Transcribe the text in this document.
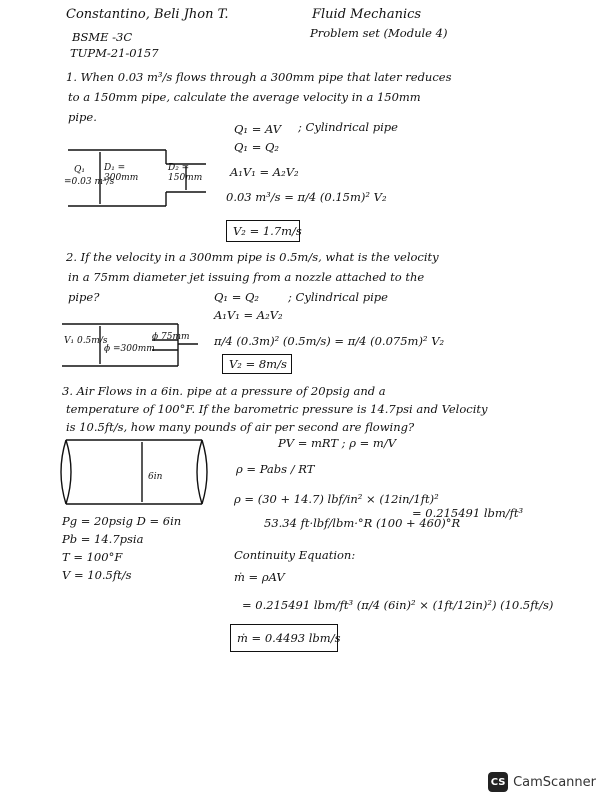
Constantino, Beli Jhon T.
BSME -3C
TUPM-21-0157
Fluid Mechanics
Problem set (Module 4)
1. When 0.03 m³/s flows through a 300mm pipe that later reduces
to a 150mm pipe, calculate the average velocity in a 150mm
pipe.
Q₁ = AV ; Cylindrical pipe
Q₁ = Q₂
A₁V₁ = A₂V₂
0.03 m³/s = π/4 (0.15m)² V₂
V₂ = 1.7m/s
Q₁
=0.03 m³/s
D₁ = 300mm
D₂ = 150mm
2. If the velocity in a 300mm pipe is 0.5m/s, what is the velocity
in a 75mm diameter jet issuing from a nozzle attached to the
pipe?	Q₁ = Q₂	; Cylindrical pipe
A₁V₁ = A₂V₂
π/4 (0.3m)² (0.5m/s) = π/4 (0.075m)² V₂
V₂ = 8m/s
V₁ 0.5m/s
ϕ =300mm
ϕ 75mm
3. Air Flows in a 6in. pipe at a pressure of 20psig and a
temperature of 100°F. If the barometric pressure is 14.7psi and Velocity
is 10.5ft/s, how many pounds of air per second are flowing?
PV = mRT ; ρ = m/V
ρ = Pabs / RT
ρ = (30 + 14.7) lbf/in² × (12in/1ft)²
53.34 ft·lbf/lbm·°R (100 + 460)°R
= 0.215491 lbm/ft³
Continuity Equation:
ṁ = ρAV
= 0.215491 lbm/ft³ (π/4 (6in)² × (1ft/12in)²) (10.5ft/s)
ṁ = 0.4493 lbm/s
6in
Pg = 20psig D = 6in
Pb = 14.7psia
T = 100°F
V = 10.5ft/s
CS CamScanner
